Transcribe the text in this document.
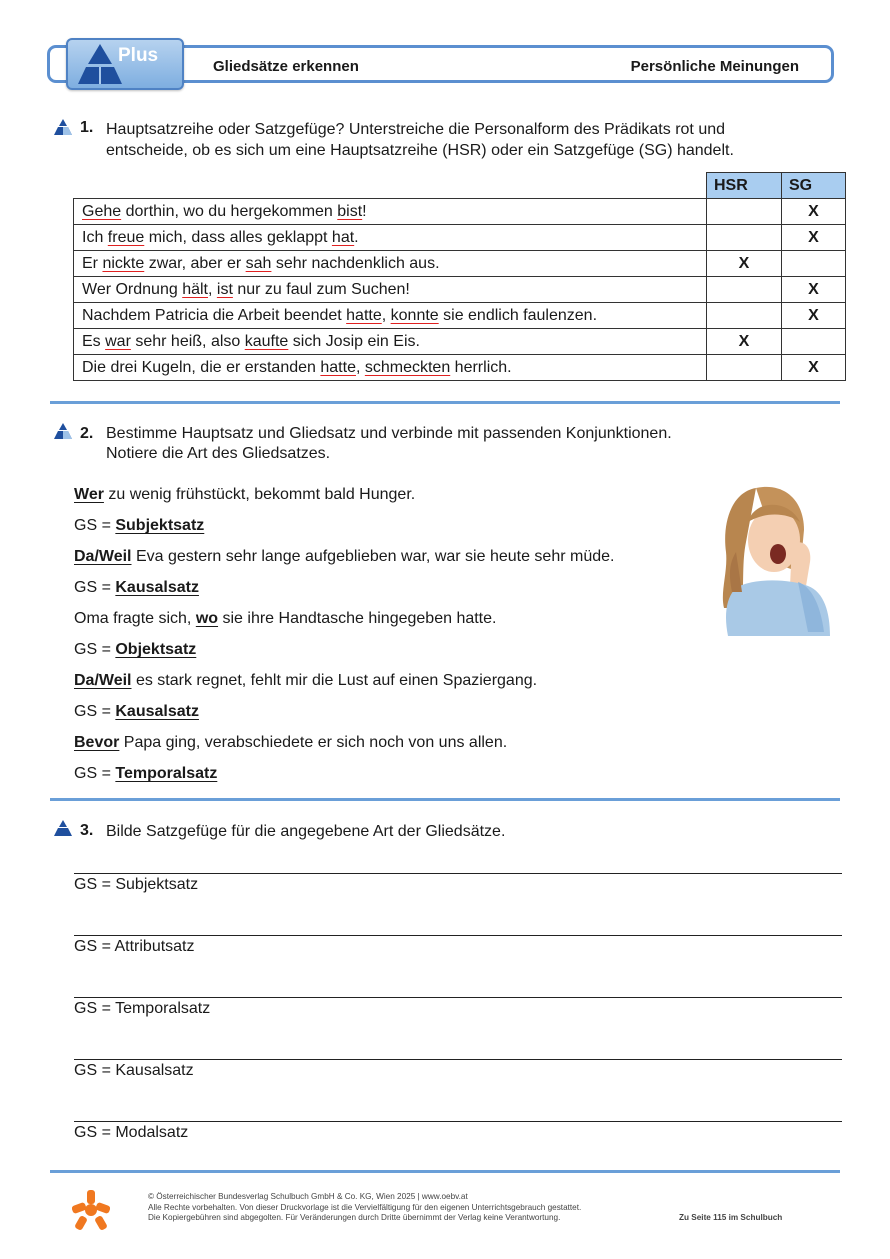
Plus
Gliedsätze erkennen	Persönliche Meinungen
1. Hauptsatzreihe oder Satzgefüge? Unterstreiche die Personalform des Prädikats rot und
entscheide, ob es sich um eine Hauptsatzreihe (HSR) oder ein Satzgefüge (SG) handelt.
	HSR	SG
Gehe dorthin, wo du hergekommen bist!		X
Ich freue mich, dass alles geklappt hat.		X
Er nickte zwar, aber er sah sehr nachdenklich aus.	X	
Wer Ordnung hält, ist nur zu faul zum Suchen!		X
Nachdem Patricia die Arbeit beendet hatte, konnte sie endlich faulenzen.		X
Es war sehr heiß, also kaufte sich Josip ein Eis.	X	
Die drei Kugeln, die er erstanden hatte, schmeckten herrlich.		X
2. Bestimme Hauptsatz und Gliedsatz und verbinde mit passenden Konjunktionen.
Notiere die Art des Gliedsatzes.
Wer zu wenig frühstückt, bekommt bald Hunger.
GS = Subjektsatz
Da/Weil Eva gestern sehr lange aufgeblieben war, war sie heute sehr müde.
GS = Kausalsatz
Oma fragte sich, wo sie ihre Handtasche hingegeben hatte.
GS = Objektsatz
Da/Weil es stark regnet, fehlt mir die Lust auf einen Spaziergang.
GS = Kausalsatz
Bevor Papa ging, verabschiedete er sich noch von uns allen.
GS = Temporalsatz
3. Bilde Satzgefüge für die angegebene Art der Gliedsätze.
GS = Subjektsatz
GS = Attributsatz
GS = Temporalsatz
GS = Kausalsatz
GS = Modalsatz
© Österreichischer Bundesverlag Schulbuch GmbH & Co. KG, Wien 2025 | www.oebv.at
Alle Rechte vorbehalten. Von dieser Druckvorlage ist die Vervielfältigung für den eigenen Unterrichtsgebrauch gestattet.
Die Kopiergebühren sind abgegolten. Für Veränderungen durch Dritte übernimmt der Verlag keine Verantwortung.	Zu Seite 115 im Schulbuch
